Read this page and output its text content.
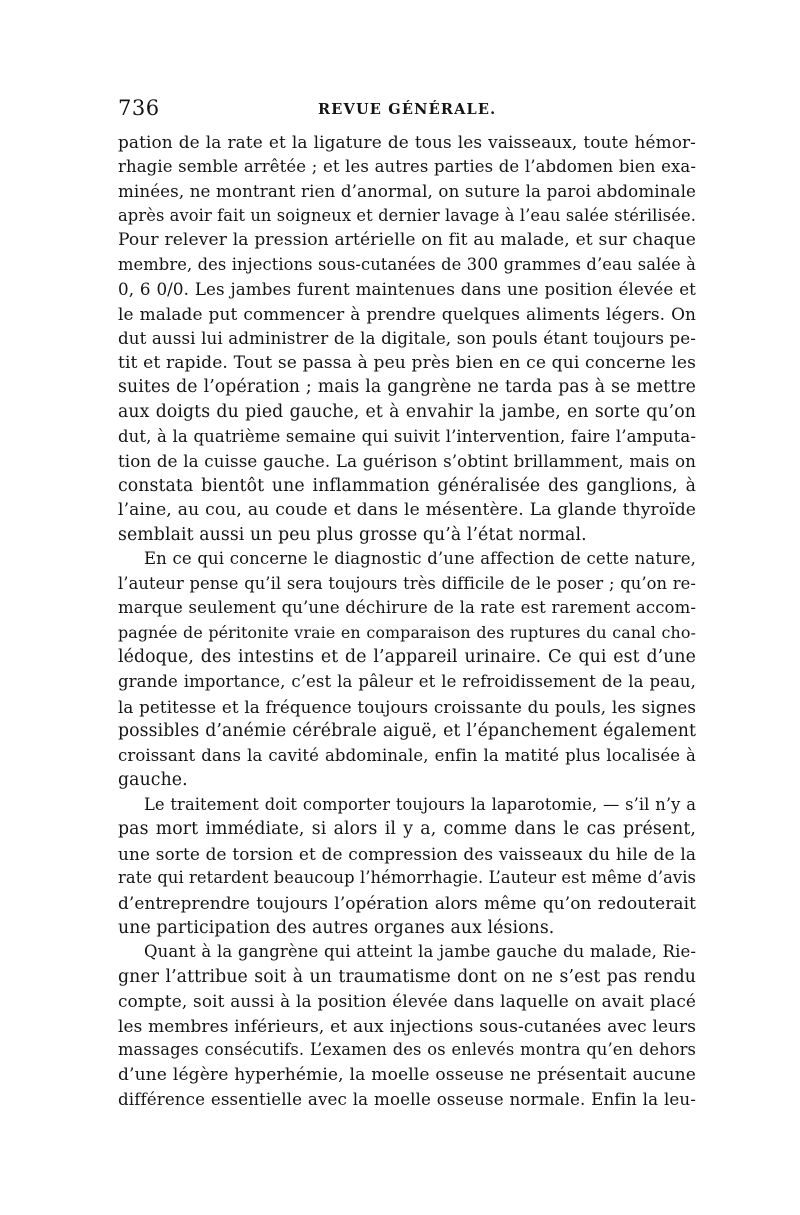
736	REVUE GÉNÉRALE.
pation de la rate et la ligature de tous les vaisseaux, toute hémor-
rhagie semble arrêtée ; et les autres parties de l’abdomen bien exa-
minées, ne montrant rien d’anormal, on suture la paroi abdominale
après avoir fait un soigneux et dernier lavage à l’eau salée stérilisée.
Pour relever la pression artérielle on fit au malade, et sur chaque
membre, des injections sous-cutanées de 300 grammes d’eau salée à
0, 6 0/0. Les jambes furent maintenues dans une position élevée et
le malade put commencer à prendre quelques aliments légers. On
dut aussi lui administrer de la digitale, son pouls étant toujours pe-
tit et rapide. Tout se passa à peu près bien en ce qui concerne les
suites de l’opération ; mais la gangrène ne tarda pas à se mettre
aux doigts du pied gauche, et à envahir la jambe, en sorte qu’on
dut, à la quatrième semaine qui suivit l’intervention, faire l’amputa-
tion de la cuisse gauche. La guérison s’obtint brillamment, mais on
constata bientôt une inflammation généralisée des ganglions, à
l’aine, au cou, au coude et dans le mésentère. La glande thyroïde
semblait aussi un peu plus grosse qu’à l’état normal.
En ce qui concerne le diagnostic d’une affection de cette nature,
l’auteur pense qu’il sera toujours très difficile de le poser ; qu’on re-
marque seulement qu’une déchirure de la rate est rarement accom-
pagnée de péritonite vraie en comparaison des ruptures du canal cho-
lédoque, des intestins et de l’appareil urinaire. Ce qui est d’une
grande importance, c’est la pâleur et le refroidissement de la peau,
la petitesse et la fréquence toujours croissante du pouls, les signes
possibles d’anémie cérébrale aiguë, et l’épanchement également
croissant dans la cavité abdominale, enfin la matité plus localisée à
gauche.
Le traitement doit comporter toujours la laparotomie, — s’il n’y a
pas mort immédiate, si alors il y a, comme dans le cas présent,
une sorte de torsion et de compression des vaisseaux du hile de la
rate qui retardent beaucoup l’hémorrhagie. L’auteur est même d’avis
d’entreprendre toujours l’opération alors même qu’on redouterait
une participation des autres organes aux lésions.
Quant à la gangrène qui atteint la jambe gauche du malade, Rie-
gner l’attribue soit à un traumatisme dont on ne s’est pas rendu
compte, soit aussi à la position élevée dans laquelle on avait placé
les membres inférieurs, et aux injections sous-cutanées avec leurs
massages consécutifs. L’examen des os enlevés montra qu’en dehors
d’une légère hyperhémie, la moelle osseuse ne présentait aucune
différence essentielle avec la moelle osseuse normale. Enfin la leu-
